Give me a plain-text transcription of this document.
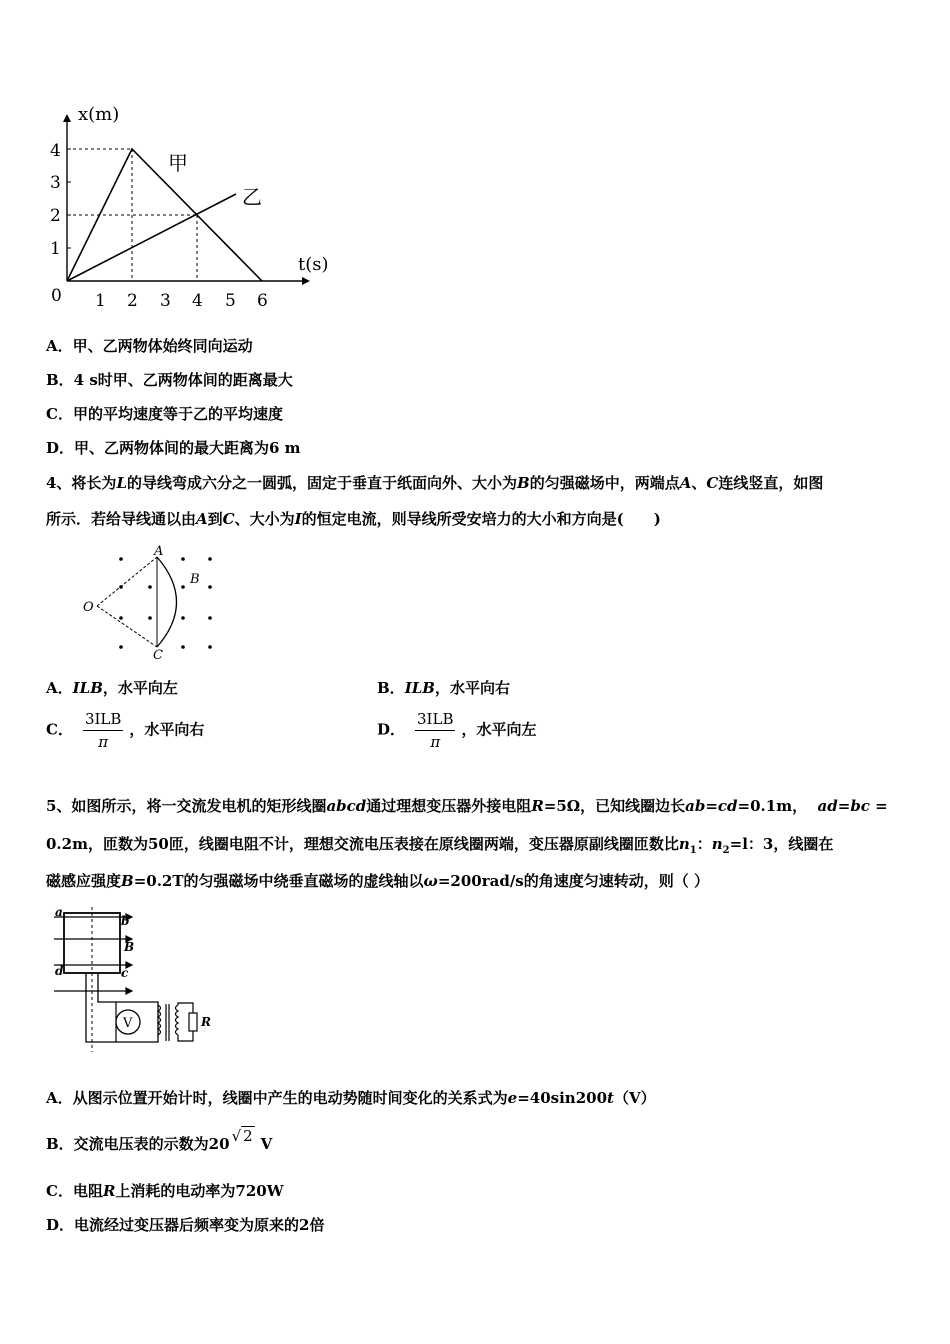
x(m)
t(s)
0
4
3
2
1
1 2 3 4 5 6
甲
乙
A．甲、乙两物体始终同向运动
B．4 s时甲、乙两物体间的距离最大
C．甲的平均速度等于乙的平均速度
D．甲、乙两物体间的最大距离为6 m
4、将长为L的导线弯成六分之一圆弧，固定于垂直于纸面向外、大小为B的匀强磁场中，两端点A、C连线竖直，如图
所示．若给导线通以由A到C、大小为I的恒定电流，则导线所受安培力的大小和方向是(　　)
O
A
B
C
A．ILB，水平向左	B．ILB，水平向右
C． $\frac{\text{3ILB}}{\pi}$ ，水平向右	D． $\frac{\text{3ILB}}{\pi}$ ，水平向左
5、如图所示，将一交流发电机的矩形线圈abcd通过理想变压器外接电阻R=5Ω，已知线圈边长ab=cd=0.1m， ad=bc =
0.2m，匝数为50匝，线圈电阻不计，理想交流电压表接在原线圈两端，变压器原副线圈匝数比$n_1$：$n_2=l$：3，线圈在
磁感应强度B=0.2T的匀强磁场中绕垂直磁场的虚线轴以ω=200rad/s的角速度匀速转动，则（ ）
V
a
b
B
d	c
R
A．从图示位置开始计时，线圈中产生的电动势随时间变化的关系式为e=40sin200t（V）
B．交流电压表的示数为20 √ 2 V
C．电阻R上消耗的电动率为720W
D．电流经过变压器后频率变为原来的2倍
